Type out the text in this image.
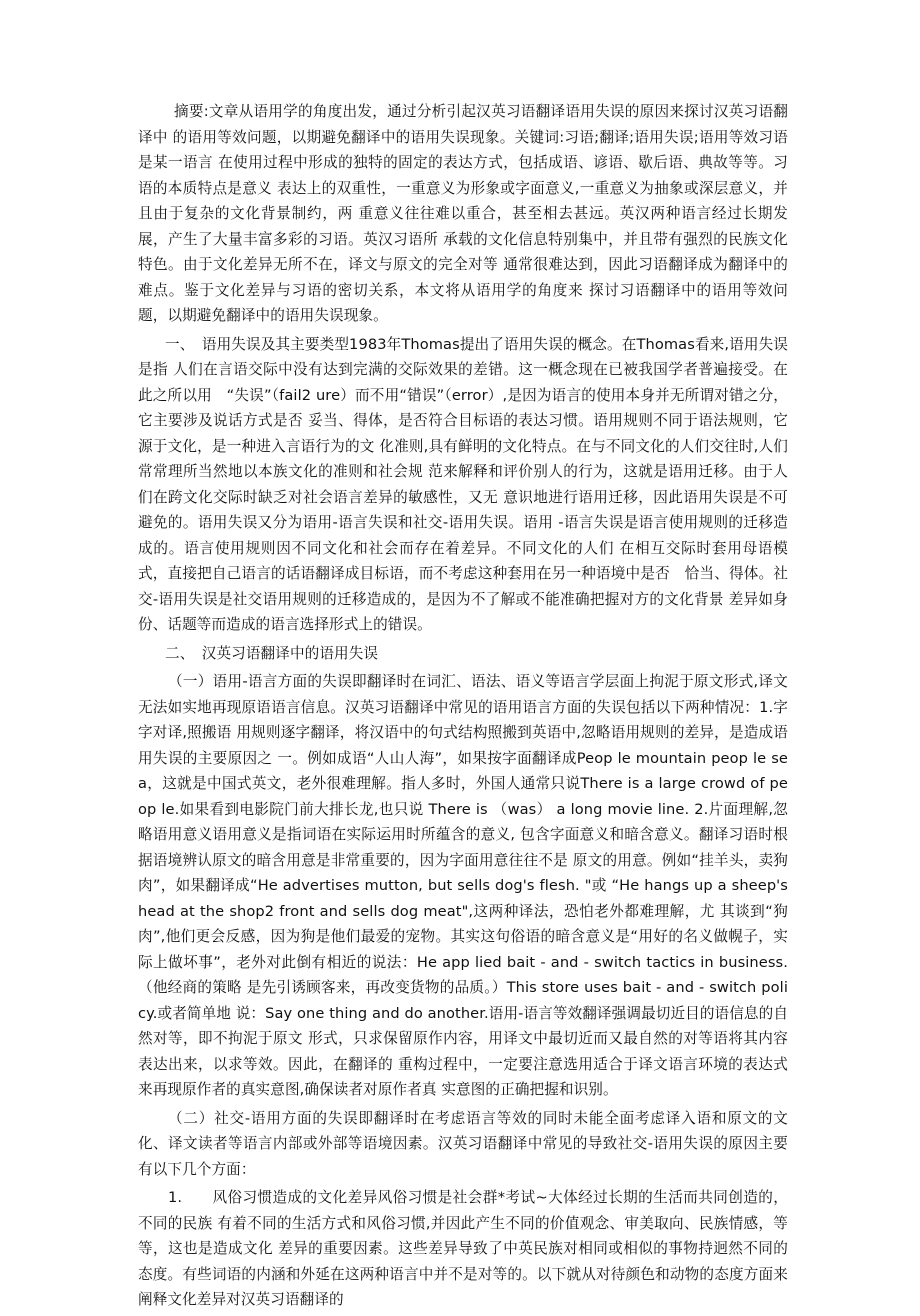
摘要:文章从语用学的角度出发，通过分析引起汉英习语翻译语用失误的原因来探讨汉英习语翻译中 的语用等效问题，以期避免翻译中的语用失误现象。关键词:习语;翻译;语用失误;语用等效习语是某一语言 在使用过程中形成的独特的固定的表达方式，包括成语、谚语、歇后语、典故等等。习语的本质特点是意义 表达上的双重性，一重意义为形象或字面意义,一重意义为抽象或深层意义，并且由于复杂的文化背景制约，两 重意义往往难以重合，甚至相去甚远。英汉两种语言经过长期发展，产生了大量丰富多彩的习语。英汉习语所 承载的文化信息特别集中，并且带有强烈的民族文化特色。由于文化差异无所不在，译文与原文的完全对等 通常很难达到，因此习语翻译成为翻译中的难点。鉴于文化差异与习语的密切关系，本文将从语用学的角度来 探讨习语翻译中的语用等效问题，以期避免翻译中的语用失误现象。

一、　语用失误及其主要类型1983年Thomas提出了语用失误的概念。在Thomas看来,语用失误是指 人们在言语交际中没有达到完满的交际效果的差错。这一概念现在已被我国学者普遍接受。在此之所以用　“失误”（fail2 ure）而不用“错误”（error）,是因为语言的使用本身并无所谓对错之分，它主要涉及说话方式是否 妥当、得体，是否符合目标语的表达习惯。语用规则不同于语法规则，它源于文化，是一种进入言语行为的文 化准则,具有鲜明的文化特点。在与不同文化的人们交往时,人们常常理所当然地以本族文化的准则和社会规 范来解释和评价别人的行为，这就是语用迁移。由于人们在跨文化交际时缺乏对社会语言差异的敏感性，又无 意识地进行语用迁移，因此语用失误是不可避免的。语用失误又分为语用-语言失误和社交-语用失误。语用 -语言失误是语言使用规则的迁移造成的。语言使用规则因不同文化和社会而存在着差异。不同文化的人们 在相互交际时套用母语模式，直接把自己语言的话语翻译成目标语，而不考虑这种套用在另一种语境中是否　恰当、得体。社交-语用失误是社交语用规则的迁移造成的，是因为不了解或不能准确把握对方的文化背景 差异如身份、话题等而造成的语言选择形式上的错误。

二、　汉英习语翻译中的语用失误

（一）语用-语言方面的失误即翻译时在词汇、语法、语义等语言学层面上拘泥于原文形式,译文无法如实地再现原语语言信息。汉英习语翻译中常见的语用语言方面的失误包括以下两种情况：1.字字对译,照搬语 用规则逐字翻译，将汉语中的句式结构照搬到英语中,忽略语用规则的差异，是造成语用失误的主要原因之 一。例如成语“人山人海”，如果按字面翻译成Peop le mountain peop le sea，这就是中国式英文，老外很难理解。指人多时，外国人通常只说There is a large crowd of peop le.如果看到电影院门前大排长龙,也只说 There is （was） a long movie line. 2.片面理解,忽略语用意义语用意义是指词语在实际运用时所蕴含的意义, 包含字面意义和暗含意义。翻译习语时根据语境辨认原文的暗含用意是非常重要的，因为字面用意往往不是 原文的用意。例如“挂羊头，卖狗肉”，如果翻译成“He advertises mutton, but sells dog's flesh. "或 “He hangs up a sheep's head at the shop2 front and sells dog meat",这两种译法，恐怕老外都难理解，尤 其谈到“狗肉”,他们更会反感，因为狗是他们最爱的宠物。其实这句俗语的暗含意义是“用好的名义做幌子，实 际上做坏事”，老外对此倒有相近的说法：He app lied bait - and - switch tactics in business.（他经商的策略 是先引诱顾客来，再改变货物的品质。）This store uses bait - and - switch policy.或者简单地 说：Say one thing and do another.语用-语言等效翻译强调最切近目的语信息的自然对等，即不拘泥于原文 形式，只求保留原作内容，用译文中最切近而又最自然的对等语将其内容表达出来，以求等效。因此，在翻译的 重构过程中，一定要注意选用适合于译文语言环境的表达式来再现原作者的真实意图,确保读者对原作者真 实意图的正确把握和识别。

（二）社交-语用方面的失误即翻译时在考虑语言等效的同时未能全面考虑译入语和原文的文化、译文读者等语言内部或外部等语境因素。汉英习语翻译中常见的导致社交-语用失误的原因主要有以下几个方面：

1.　　风俗习惯造成的文化差异风俗习惯是社会群*考试~大体经过长期的生活而共同创造的，不同的民族 有着不同的生活方式和风俗习惯,并因此产生不同的价值观念、审美取向、民族情感，等等，这也是造成文化 差异的重要因素。这些差异导致了中英民族对相同或相似的事物持迥然不同的态度。有些词语的内涵和外延在这两种语言中并不是对等的。以下就从对待颜色和动物的态度方面来阐释文化差异对汉英习语翻译的
